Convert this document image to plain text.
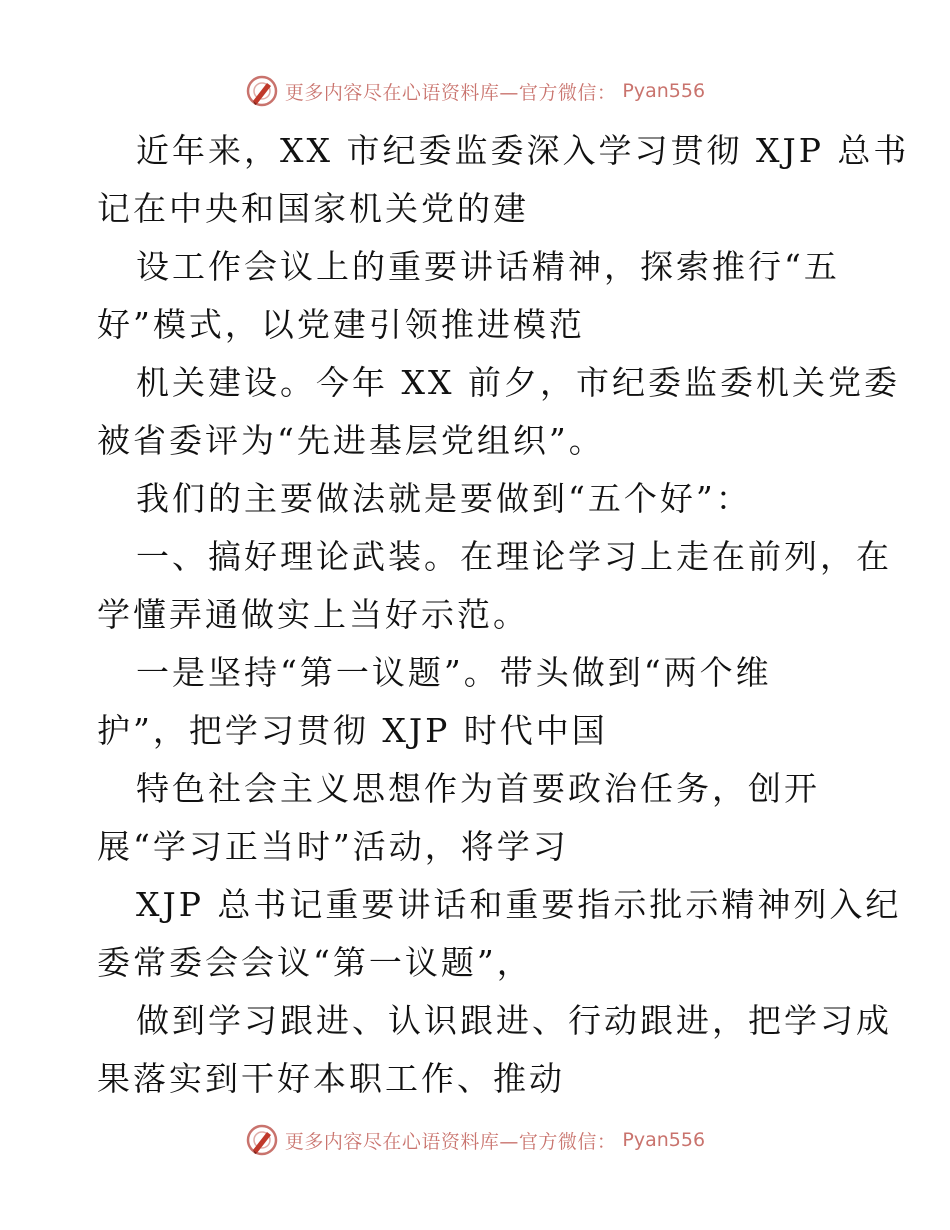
更多内容尽在心语资料库—官方微信： Pyan556
近年来，XX 市纪委监委深入学习贯彻 XJP 总书
记在中央和国家机关党的建
设工作会议上的重要讲话精神，探索推行“五
好”模式，以党建引领推进模范
机关建设。今年 XX 前夕，市纪委监委机关党委
被省委评为“先进基层党组织”。
我们的主要做法就是要做到“五个好”：
一、搞好理论武装。在理论学习上走在前列，在
学懂弄通做实上当好示范。
一是坚持“第一议题”。带头做到“两个维
护”，把学习贯彻 XJP 时代中国
特色社会主义思想作为首要政治任务，创开
展“学习正当时”活动，将学习
XJP 总书记重要讲话和重要指示批示精神列入纪
委常委会会议“第一议题”，
做到学习跟进、认识跟进、行动跟进，把学习成
果落实到干好本职工作、推动
更多内容尽在心语资料库—官方微信： Pyan556
